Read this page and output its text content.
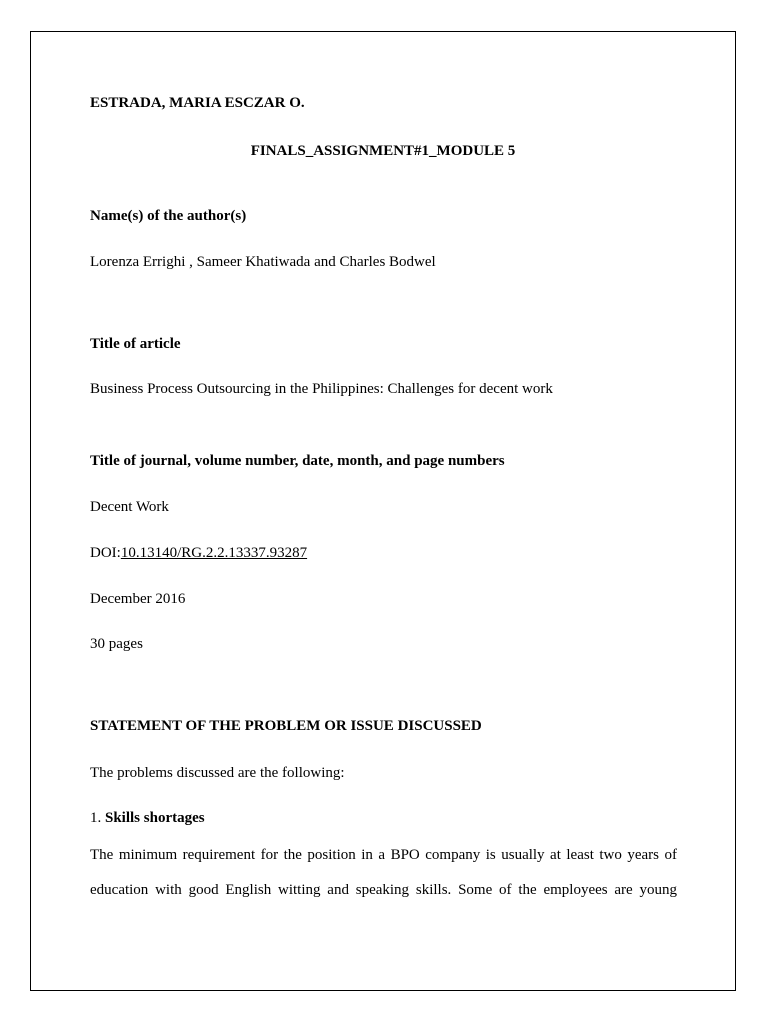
ESTRADA, MARIA ESCZAR O.
FINALS_ASSIGNMENT#1_MODULE 5
Name(s) of the author(s)
Lorenza Errighi , Sameer Khatiwada and Charles Bodwel
Title of article
Business Process Outsourcing in the Philippines: Challenges for decent work
Title of journal, volume number, date, month, and page numbers
Decent Work
DOI:10.13140/RG.2.2.13337.93287
December 2016
30 pages
STATEMENT OF THE PROBLEM OR ISSUE DISCUSSED
The problems discussed are the following:
1. Skills shortages
The minimum requirement for the position in a BPO company is usually at least two years of
education with good English witting and speaking skills. Some of the employees are young
